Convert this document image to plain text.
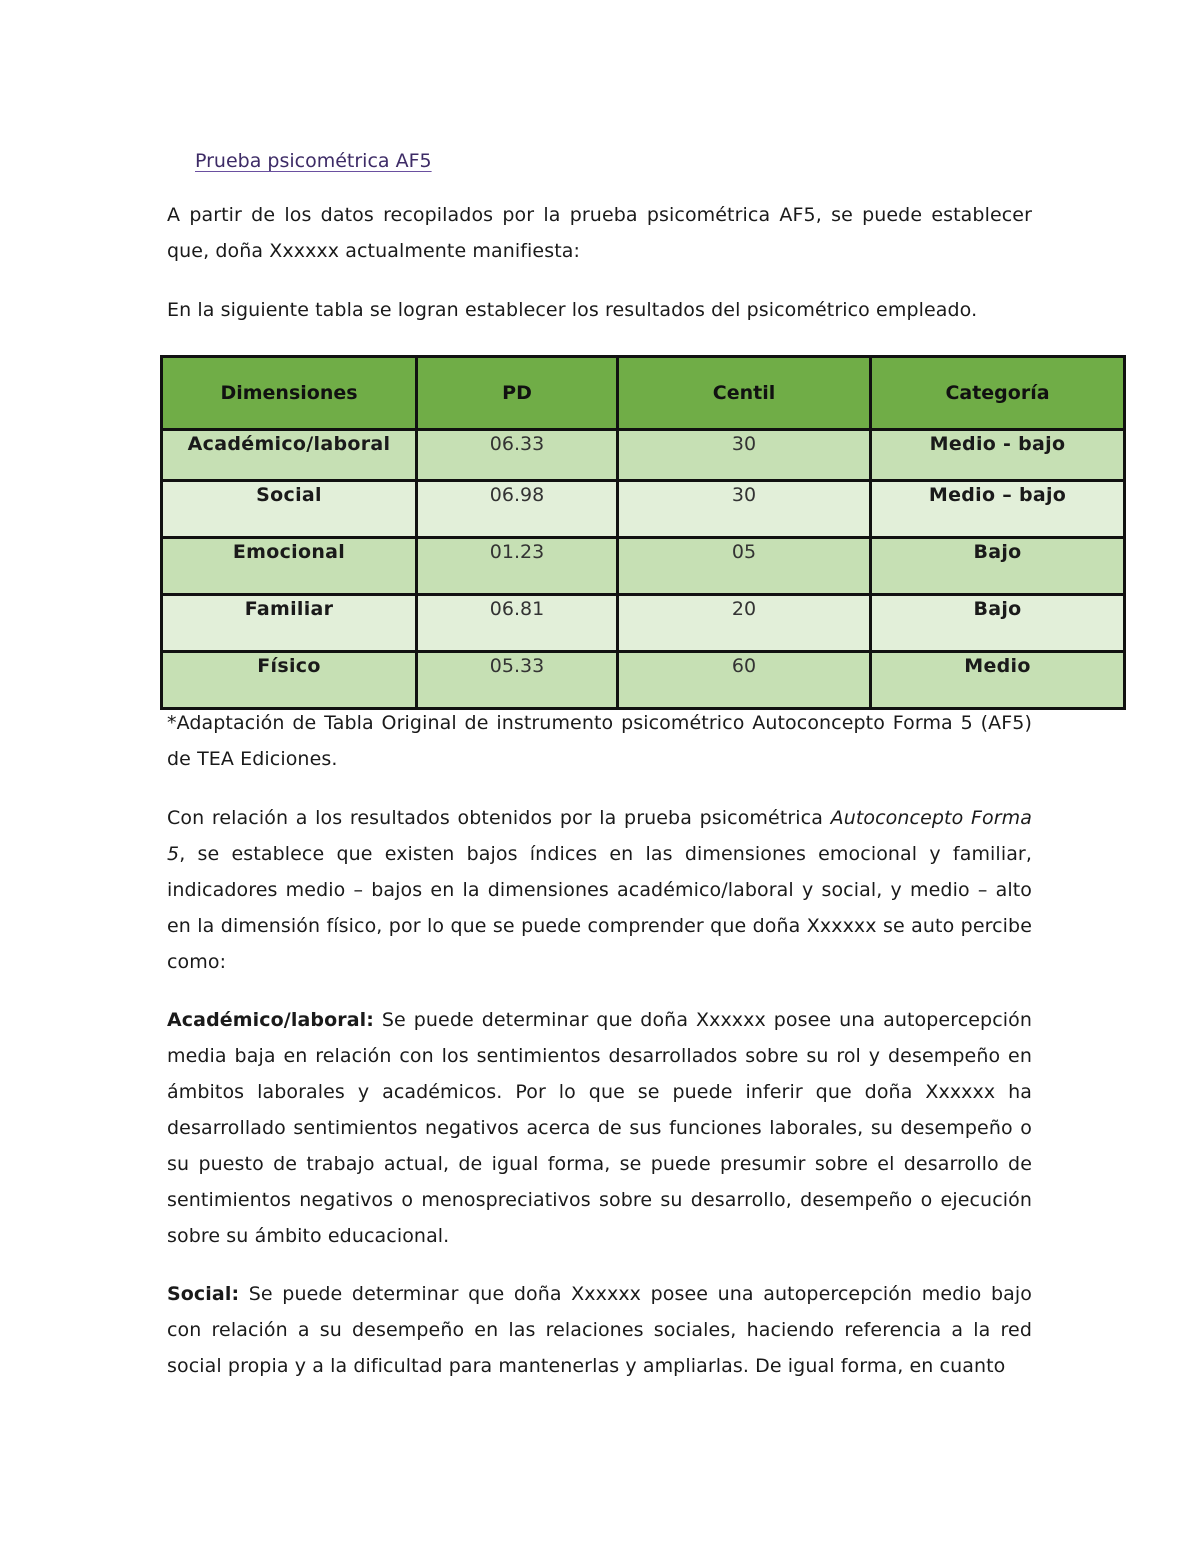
Prueba psicométrica AF5

A partir de los datos recopilados por la prueba psicométrica AF5, se puede establecer que, doña Xxxxxx actualmente manifiesta:

En la siguiente tabla se logran establecer los resultados del psicométrico empleado.

Dimensiones	PD	Centil	Categoría
Académico/laboral	06.33	30	Medio - bajo
Social	06.98	30	Medio – bajo
Emocional	01.23	05	Bajo
Familiar	06.81	20	Bajo
Físico	05.33	60	Medio

*Adaptación de Tabla Original de instrumento psicométrico Autoconcepto Forma 5 (AF5) de TEA Ediciones.

Con relación a los resultados obtenidos por la prueba psicométrica Autoconcepto Forma 5, se establece que existen bajos índices en las dimensiones emocional y familiar, indicadores medio – bajos en la dimensiones académico/laboral y social, y medio – alto en la dimensión físico, por lo que se puede comprender que doña Xxxxxx se auto percibe como:

Académico/laboral: Se puede determinar que doña Xxxxxx posee una autopercepción media baja en relación con los sentimientos desarrollados sobre su rol y desempeño en ámbitos laborales y académicos. Por lo que se puede inferir que doña Xxxxxx ha desarrollado sentimientos negativos acerca de sus funciones laborales, su desempeño o su puesto de trabajo actual, de igual forma, se puede presumir sobre el desarrollo de sentimientos negativos o menospreciativos sobre su desarrollo, desempeño o ejecución sobre su ámbito educacional.

Social: Se puede determinar que doña Xxxxxx posee una autopercepción medio bajo con relación a su desempeño en las relaciones sociales, haciendo referencia a la red social propia y a la dificultad para mantenerlas y ampliarlas. De igual forma, en cuanto
